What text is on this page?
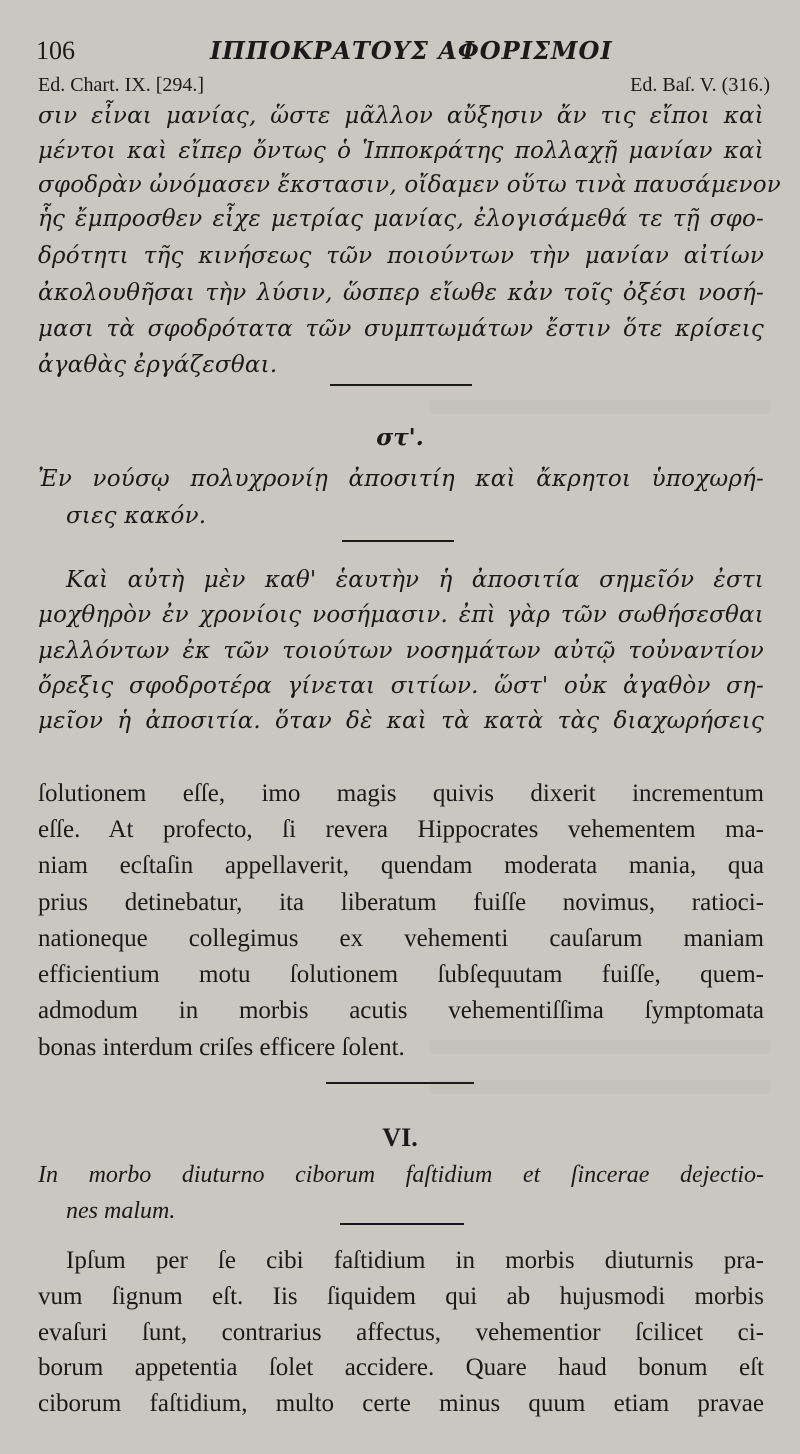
106	ΙΠΠΟΚΡΑΤΟΥΣ ΑΦΟΡΙΣΜΟΙ
Ed. Chart. IX. [294.]	Ed. Baſ. V. (316.)
σιν εἶναι μανίας, ὥστε μᾶλλον αὔξησιν ἄν τις εἴποι καὶ
μέντοι καὶ εἴπερ ὄντως ὁ Ἱπποκράτης πολλαχῇ μανίαν καὶ
σφοδρὰν ὠνόμασεν ἔκστασιν, οἴδαμεν οὕτω τινὰ παυσάμενον
ἧς ἔμπροσθεν εἶχε μετρίας μανίας, ἐλογισάμεθά τε τῇ σφο-
δρότητι τῆς κινήσεως τῶν ποιούντων τὴν μανίαν αἰτίων
ἀκολουθῆσαι τὴν λύσιν, ὥσπερ εἴωθε κἀν τοῖς ὀξέσι νοσή-
μασι τὰ σφοδρότατα τῶν συμπτωμάτων ἔστιν ὅτε κρίσεις
ἀγαθὰς ἐργάζεσθαι.
στ'.
Ἐν νούσῳ πολυχρονίῃ ἀποσιτίη καὶ ἄκρητοι ὑποχωρή-
σιες κακόν.
Καὶ αὐτὴ μὲν καθ' ἑαυτὴν ἡ ἀποσιτία σημεῖόν ἐστι
μοχθηρὸν ἐν χρονίοις νοσήμασιν. ἐπὶ γὰρ τῶν σωθήσεσθαι
μελλόντων ἐκ τῶν τοιούτων νοσημάτων αὐτῷ τοὐναντίον
ὄρεξις σφοδροτέρα γίνεται σιτίων. ὥστ' οὐκ ἀγαθὸν ση-
μεῖον ἡ ἀποσιτία. ὅταν δὲ καὶ τὰ κατὰ τὰς διαχωρήσεις
ſolutionem eſſe, imo magis quivis dixerit incrementum
eſſe. At profecto, ſi revera Hippocrates vehementem ma-
niam ecſtaſin appellaverit, quendam moderata mania, qua
prius detinebatur, ita liberatum fuiſſe novimus, ratioci-
nationeque collegimus ex vehementi cauſarum maniam
efficientium motu ſolutionem ſubſequutam fuiſſe, quem-
admodum in morbis acutis vehementiſſima ſymptomata
bonas interdum criſes efficere ſolent.
VI.
In morbo diuturno ciborum faſtidium et ſincerae dejectio-
nes malum.
Ipſum per ſe cibi faſtidium in morbis diuturnis pra-
vum ſignum eſt. Iis ſiquidem qui ab hujusmodi morbis
evaſuri ſunt, contrarius affectus, vehementior ſcilicet ci-
borum appetentia ſolet accidere. Quare haud bonum eſt
ciborum faſtidium, multo certe minus quum etiam pravae
